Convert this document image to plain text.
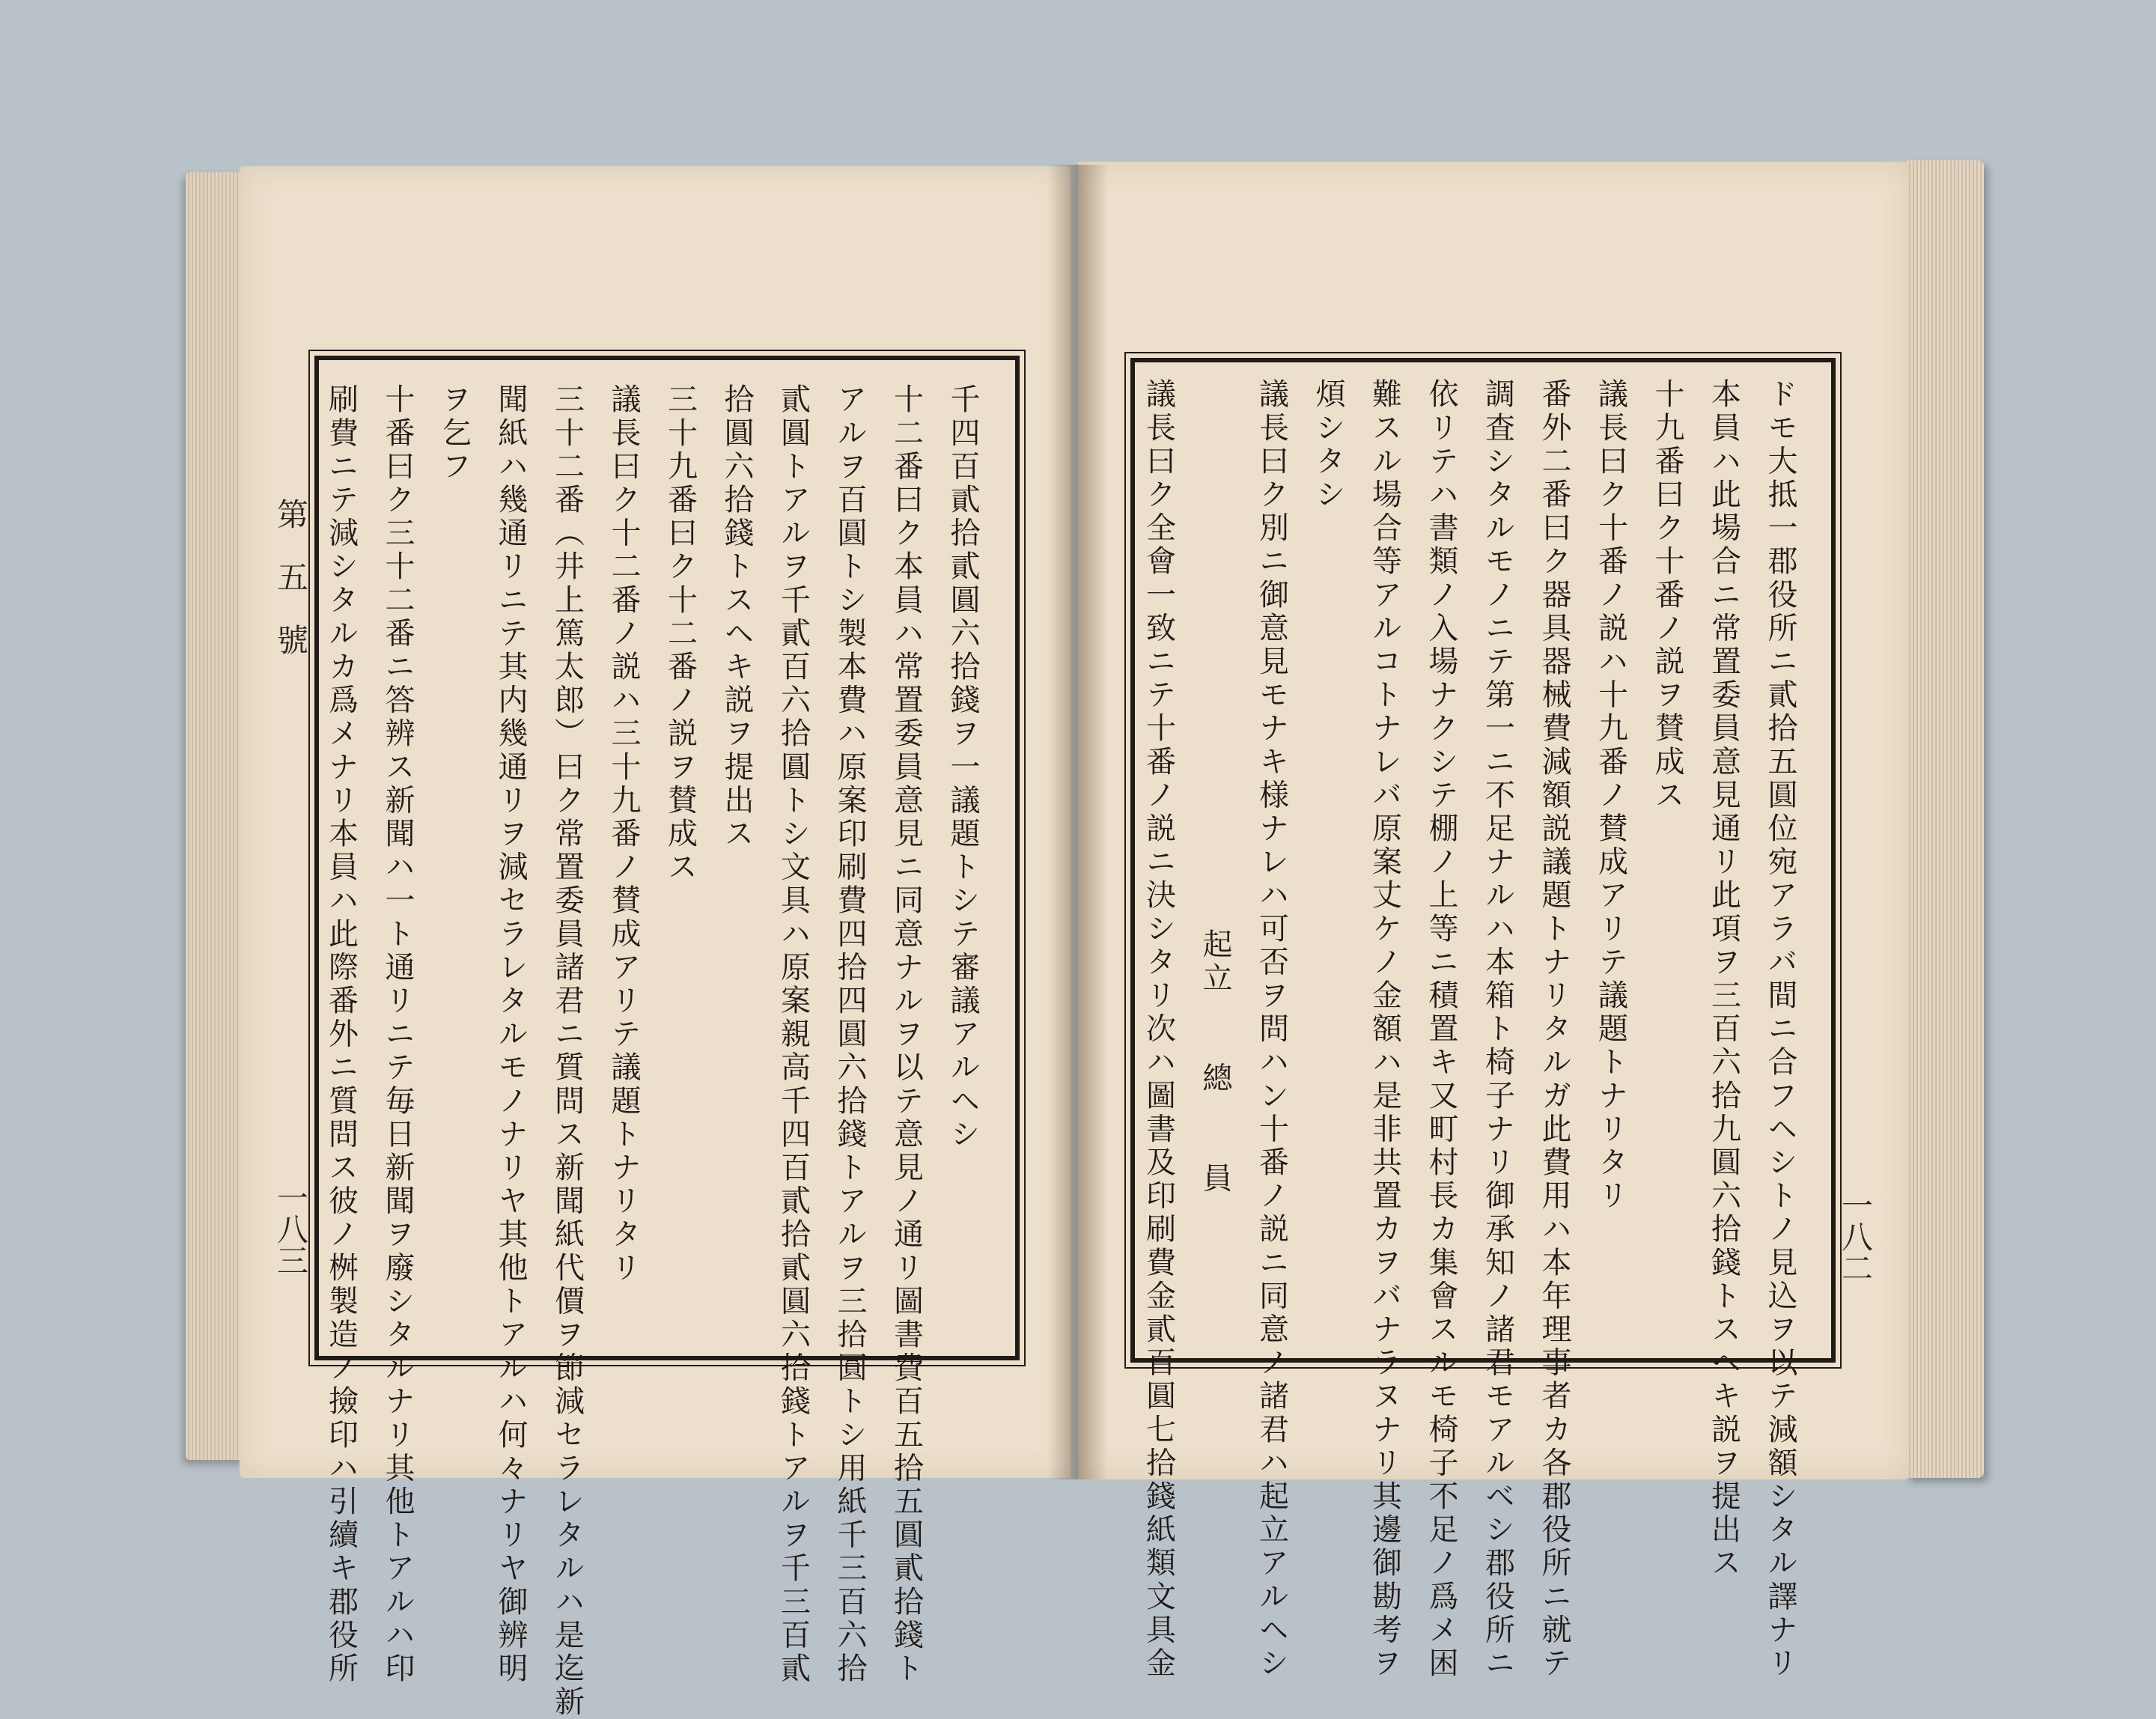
第　五　號
一八三	一八二
千四百貳拾貳圓六拾錢ヲ一議題トシテ審議アルヘシ
十二番曰ク本員ハ常置委員意見ニ同意ナルヲ以テ意見ノ通リ圖書費百五拾五圓貳拾錢ト
アルヲ百圓トシ製本費ハ原案印刷費四拾四圓六拾錢トアルヲ三拾圓トシ用紙千三百六拾
貳圓トアルヲ千貳百六拾圓トシ文具ハ原案親高千四百貳拾貳圓六拾錢トアルヲ千三百貳
拾圓六拾錢トスヘキ説ヲ提出ス
三十九番曰ク十二番ノ説ヲ賛成ス
議長曰ク十二番ノ説ハ三十九番ノ賛成アリテ議題トナリタリ
三十二番（井上篤太郎）曰ク常置委員諸君ニ質問ス新聞紙代價ヲ節減セラレタルハ是迄新
聞紙ハ幾通リニテ其内幾通リヲ減セラレタルモノナリヤ其他トアルハ何々ナリヤ御辨明
ヲ乞フ
十番曰ク三十二番ニ答辨ス新聞ハ一ト通リニテ毎日新聞ヲ廢シタルナリ其他トアルハ印
刷費ニテ減シタルカ爲メナリ本員ハ此際番外ニ質問ス彼ノ桝製造ノ撿印ハ引續キ郡役所	ドモ大抵一郡役所ニ貳拾五圓位宛アラバ間ニ合フヘシトノ見込ヲ以テ減額シタル譯ナリ
本員ハ此場合ニ常置委員意見通リ此項ヲ三百六拾九圓六拾錢トスヘキ説ヲ提出ス
十九番曰ク十番ノ説ヲ賛成ス
議長曰ク十番ノ説ハ十九番ノ賛成アリテ議題トナリタリ
番外二番曰ク器具器械費減額説議題トナリタルガ此費用ハ本年理事者カ各郡役所ニ就テ
調査シタルモノニテ第一ニ不足ナルハ本箱ト椅子ナリ御承知ノ諸君モアルベシ郡役所ニ
依リテハ書類ノ入場ナクシテ棚ノ上等ニ積置キ又町村長カ集會スルモ椅子不足ノ爲メ困
難スル場合等アルコトナレバ原案丈ケノ金額ハ是非共置カヲバナラヌナリ其邊御勘考ヲ
煩シタシ
議長曰ク別ニ御意見モナキ様ナレハ可否ヲ問ハン十番ノ説ニ同意ノ諸君ハ起立アルヘシ
起立　　總　　員
議長曰ク全會一致ニテ十番ノ説ニ決シタリ次ハ圖書及印刷費金貳百圓七拾錢紙類文具金
